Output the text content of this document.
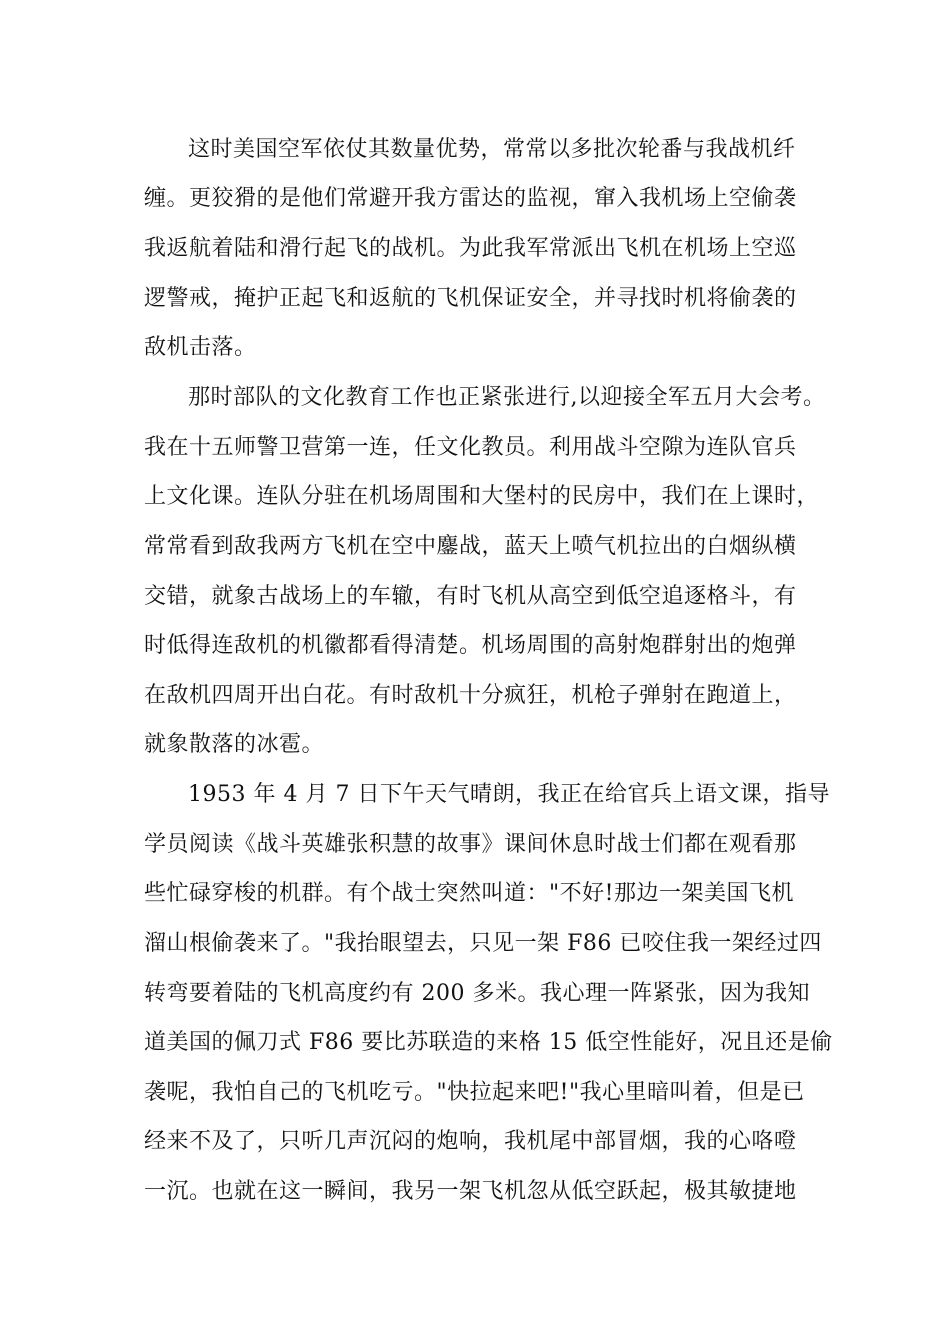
这时美国空军依仗其数量优势，常常以多批次轮番与我战机纤
缠。更狡猾的是他们常避开我方雷达的监视，窜入我机场上空偷袭
我返航着陆和滑行起飞的战机。为此我军常派出飞机在机场上空巡
逻警戒，掩护正起飞和返航的飞机保证安全，并寻找时机将偷袭的
敌机击落。
那时部队的文化教育工作也正紧张进行,以迎接全军五月大会考。
我在十五师警卫营第一连，任文化教员。利用战斗空隙为连队官兵
上文化课。连队分驻在机场周围和大堡村的民房中，我们在上课时，
常常看到敌我两方飞机在空中鏖战，蓝天上喷气机拉出的白烟纵横
交错，就象古战场上的车辙，有时飞机从高空到低空追逐格斗，有
时低得连敌机的机徽都看得清楚。机场周围的高射炮群射出的炮弹
在敌机四周开出白花。有时敌机十分疯狂，机枪子弹射在跑道上，
就象散落的冰雹。
1953 年 4 月 7 日下午天气晴朗，我正在给官兵上语文课，指导
学员阅读《战斗英雄张积慧的故事》课间休息时战士们都在观看那
些忙碌穿梭的机群。有个战士突然叫道："不好!那边一架美国飞机
溜山根偷袭来了。"我抬眼望去，只见一架 F86 已咬住我一架经过四
转弯要着陆的飞机高度约有 200 多米。我心理一阵紧张，因为我知
道美国的佩刀式 F86 要比苏联造的来格 15 低空性能好，况且还是偷
袭呢，我怕自己的飞机吃亏。"快拉起来吧!"我心里暗叫着，但是已
经来不及了，只听几声沉闷的炮响，我机尾中部冒烟，我的心咯噔
一沉。也就在这一瞬间，我另一架飞机忽从低空跃起，极其敏捷地
